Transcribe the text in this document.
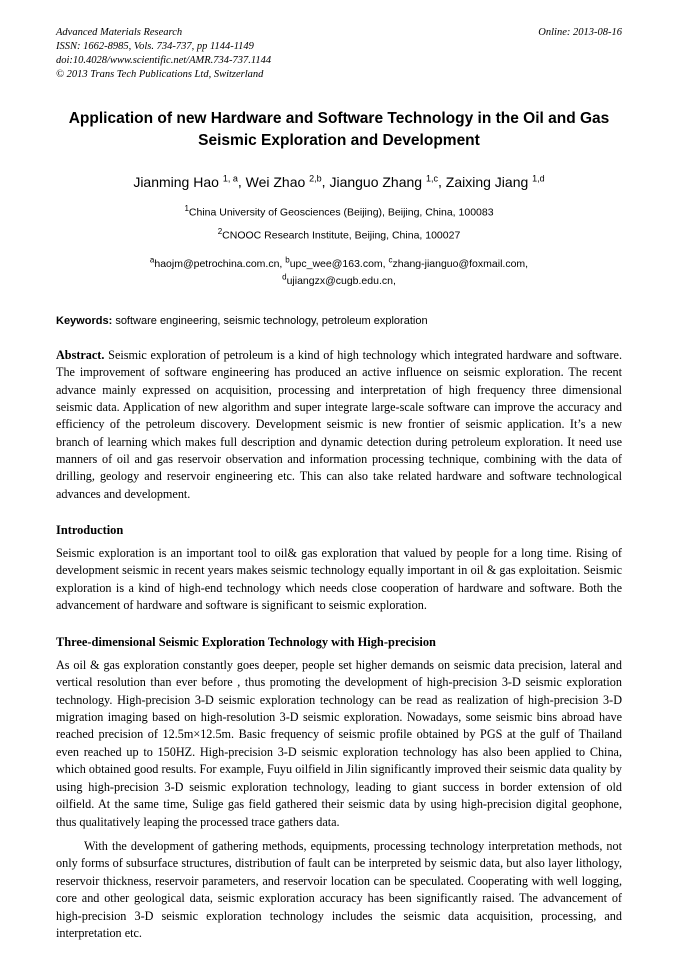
Advanced Materials Research
ISSN: 1662-8985, Vols. 734-737, pp 1144-1149
doi:10.4028/www.scientific.net/AMR.734-737.1144
© 2013 Trans Tech Publications Ltd, Switzerland
Online: 2013-08-16
Application of new Hardware and Software Technology in the Oil and Gas Seismic Exploration and Development
Jianming Hao $^{1, a}$, Wei Zhao $^{2,b}$, Jianguo Zhang $^{1,c}$, Zaixing Jiang $^{1,d}$
$^1$China University of Geosciences (Beijing), Beijing, China, 100083
$^2$CNOOC Research Institute, Beijing, China, 100027
$^a$haojm@petrochina.com.cn, $^b$upc_wee@163.com, $^c$zhang-jianguo@foxmail.com,
$^d$ujiangzx@cugb.edu.cn,
Keywords: software engineering, seismic technology, petroleum exploration
Abstract. Seismic exploration of petroleum is a kind of high technology which integrated hardware and software. The improvement of software engineering has produced an active influence on seismic exploration. The recent advance mainly expressed on acquisition, processing and interpretation of high frequency three dimensional seismic data. Application of new algorithm and super integrate large-scale software can improve the accuracy and efficiency of the petroleum discovery. Development seismic is new frontier of seismic application. It’s a new branch of learning which makes full description and dynamic detection during petroleum exploration. It need use manners of oil and gas reservoir observation and information processing technique, combining with the data of drilling, geology and reservoir engineering etc. This can also take related hardware and software technological advances and development.
Introduction
Seismic exploration is an important tool to oil& gas exploration that valued by people for a long time. Rising of development seismic in recent years makes seismic technology equally important in oil & gas exploitation. Seismic exploration is a kind of high-end technology which needs close cooperation of hardware and software. Both the advancement of hardware and software is significant to seismic exploration.
Three-dimensional Seismic Exploration Technology with High-precision
As oil & gas exploration constantly goes deeper, people set higher demands on seismic data precision, lateral and vertical resolution than ever before , thus promoting the development of high-precision 3-D seismic exploration technology. High-precision 3-D seismic exploration technology can be read as realization of high-precision 3-D migration imaging based on high-resolution 3-D seismic exploration. Nowadays, some seismic bins abroad have reached precision of 12.5m×12.5m. Basic frequency of seismic profile obtained by PGS at the gulf of Thailand even reached up to 150HZ. High-precision 3-D seismic exploration technology has also been applied to China, which obtained good results. For example, Fuyu oilfield in Jilin significantly improved their seismic data quality by using high-precision 3-D seismic exploration technology, leading to giant success in border extension of old oilfield. At the same time, Sulige gas field gathered their seismic data by using high-precision digital geophone, thus qualitatively leaping the processed trace gathers data.
With the development of gathering methods, equipments, processing technology interpretation methods, not only forms of subsurface structures, distribution of fault can be interpreted by seismic data, but also layer lithology, reservoir thickness, reservoir parameters, and reservoir location can be speculated. Cooperating with well logging, core and other geological data, seismic exploration accuracy has been significantly raised. The advancement of high-precision 3-D seismic exploration technology includes the seismic data acquisition, processing, and interpretation etc.
